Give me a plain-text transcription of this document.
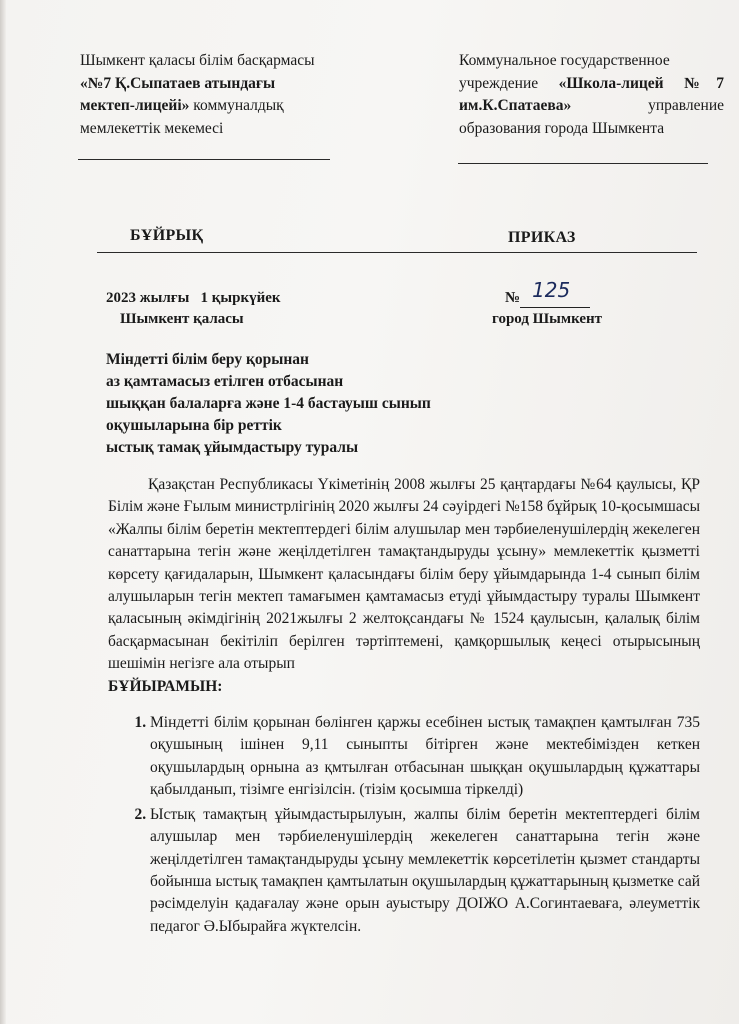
Шымкент қаласы білім басқармасы
«№7 Қ.Сыпатаев атындағы
мектеп-лицейі» коммуналдық
мемлекеттік мекемесі

Коммунальное государственное

учреждение «Школа-лицей №7

им.К.Спатаева»	управление

образования города Шымкента

БҰЙРЫҚ	ПРИКАЗ
2023 жылғы   1 қыркүйек
Шымкент қаласы
№ 125
город Шымкент
Міндетті білім беру қорынан
аз қамтамасыз етілген отбасынан
шыққан балаларға және 1-4 бастауыш сынып
оқушыларына бір реттік
ыстық тамақ ұйымдастыру туралы

Қазақстан Республикасы Үкіметінің 2008 жылғы 25 қаңтардағы №64 қаулысы, ҚР Білім және Ғылым министрлігінің 2020 жылғы 24 сәуірдегі №158 бұйрық 10-қосымшасы «Жалпы білім беретін мектептердегі білім алушылар мен тәрбиеленушілердің жекелеген санаттарына тегін және жеңілдетілген тамақтандыруды ұсыну» мемлекеттік қызметті көрсету қағидаларын, Шымкент қаласындағы білім беру ұйымдарында 1-4 сынып білім алушыларын тегін мектеп тамағымен қамтамасыз етуді ұйымдастыру туралы Шымкент қаласының әкімдігінің 2021жылғы 2 желтоқсандағы № 1524 қаулысын, қалалық білім басқармасынан бекітіліп берілген тәртіптемені, қамқоршылық кеңесі отырысының шешімін негізге ала отырып

БҰЙЫРАМЫН:

1. Міндетті білім қорынан бөлінген қаржы есебінен ыстық тамақпен қамтылған 735 оқушының ішінен 9,11 сыныпты бітірген және мектебімізден кеткен оқушылардың орнына аз қмтылған отбасынан шыққан оқушылардың құжаттары қабылданып, тізімге енгізілсін. (тізім қосымша тіркелді)
2. Ыстық тамақтың ұйымдастырылуын, жалпы білім беретін мектептердегі білім алушылар мен тәрбиеленушілердің жекелеген санаттарына тегін және жеңілдетілген тамақтандыруды ұсыну мемлекеттік көрсетілетін қызмет стандарты бойынша ыстық тамақпен қамтылатын оқушылардың құжаттарының қызметке сай рәсімделуін қадағалау және орын ауыстыру ДОІЖО А.Согинтаеваға, әлеуметтік педагог Ә.Ыбырайға жүктелсін.
